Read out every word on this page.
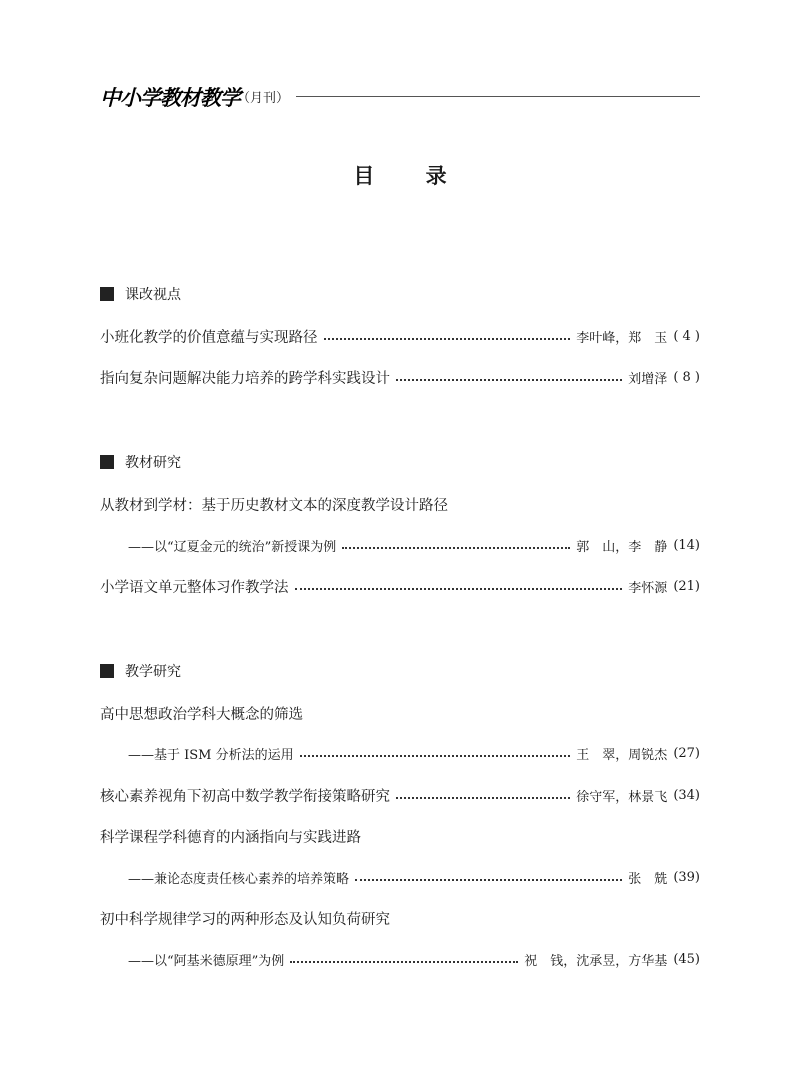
中小学教材教学
（月刊）
目 录
课改视点
小班化教学的价值意蕴与实现路径	李叶峰，郑　玉 ( 4 )
指向复杂问题解决能力培养的跨学科实践设计	刘增泽 ( 8 )
教材研究
从教材到学材：基于历史教材文本的深度教学设计路径
——以“辽夏金元的统治”新授课为例	郭　山，李　静 (14)
小学语文单元整体习作教学法	李怀源 (21)
教学研究
高中思想政治学科大概念的筛选
——基于 ISM 分析法的运用	王　翠，周锐杰 (27)
核心素养视角下初高中数学教学衔接策略研究	徐守军，林景飞 (34)
科学课程学科德育的内涵指向与实践进路
——兼论态度责任核心素养的培养策略	张　兟 (39)
初中科学规律学习的两种形态及认知负荷研究
——以“阿基米德原理”为例	祝　钱，沈承昱，方华基 (45)
